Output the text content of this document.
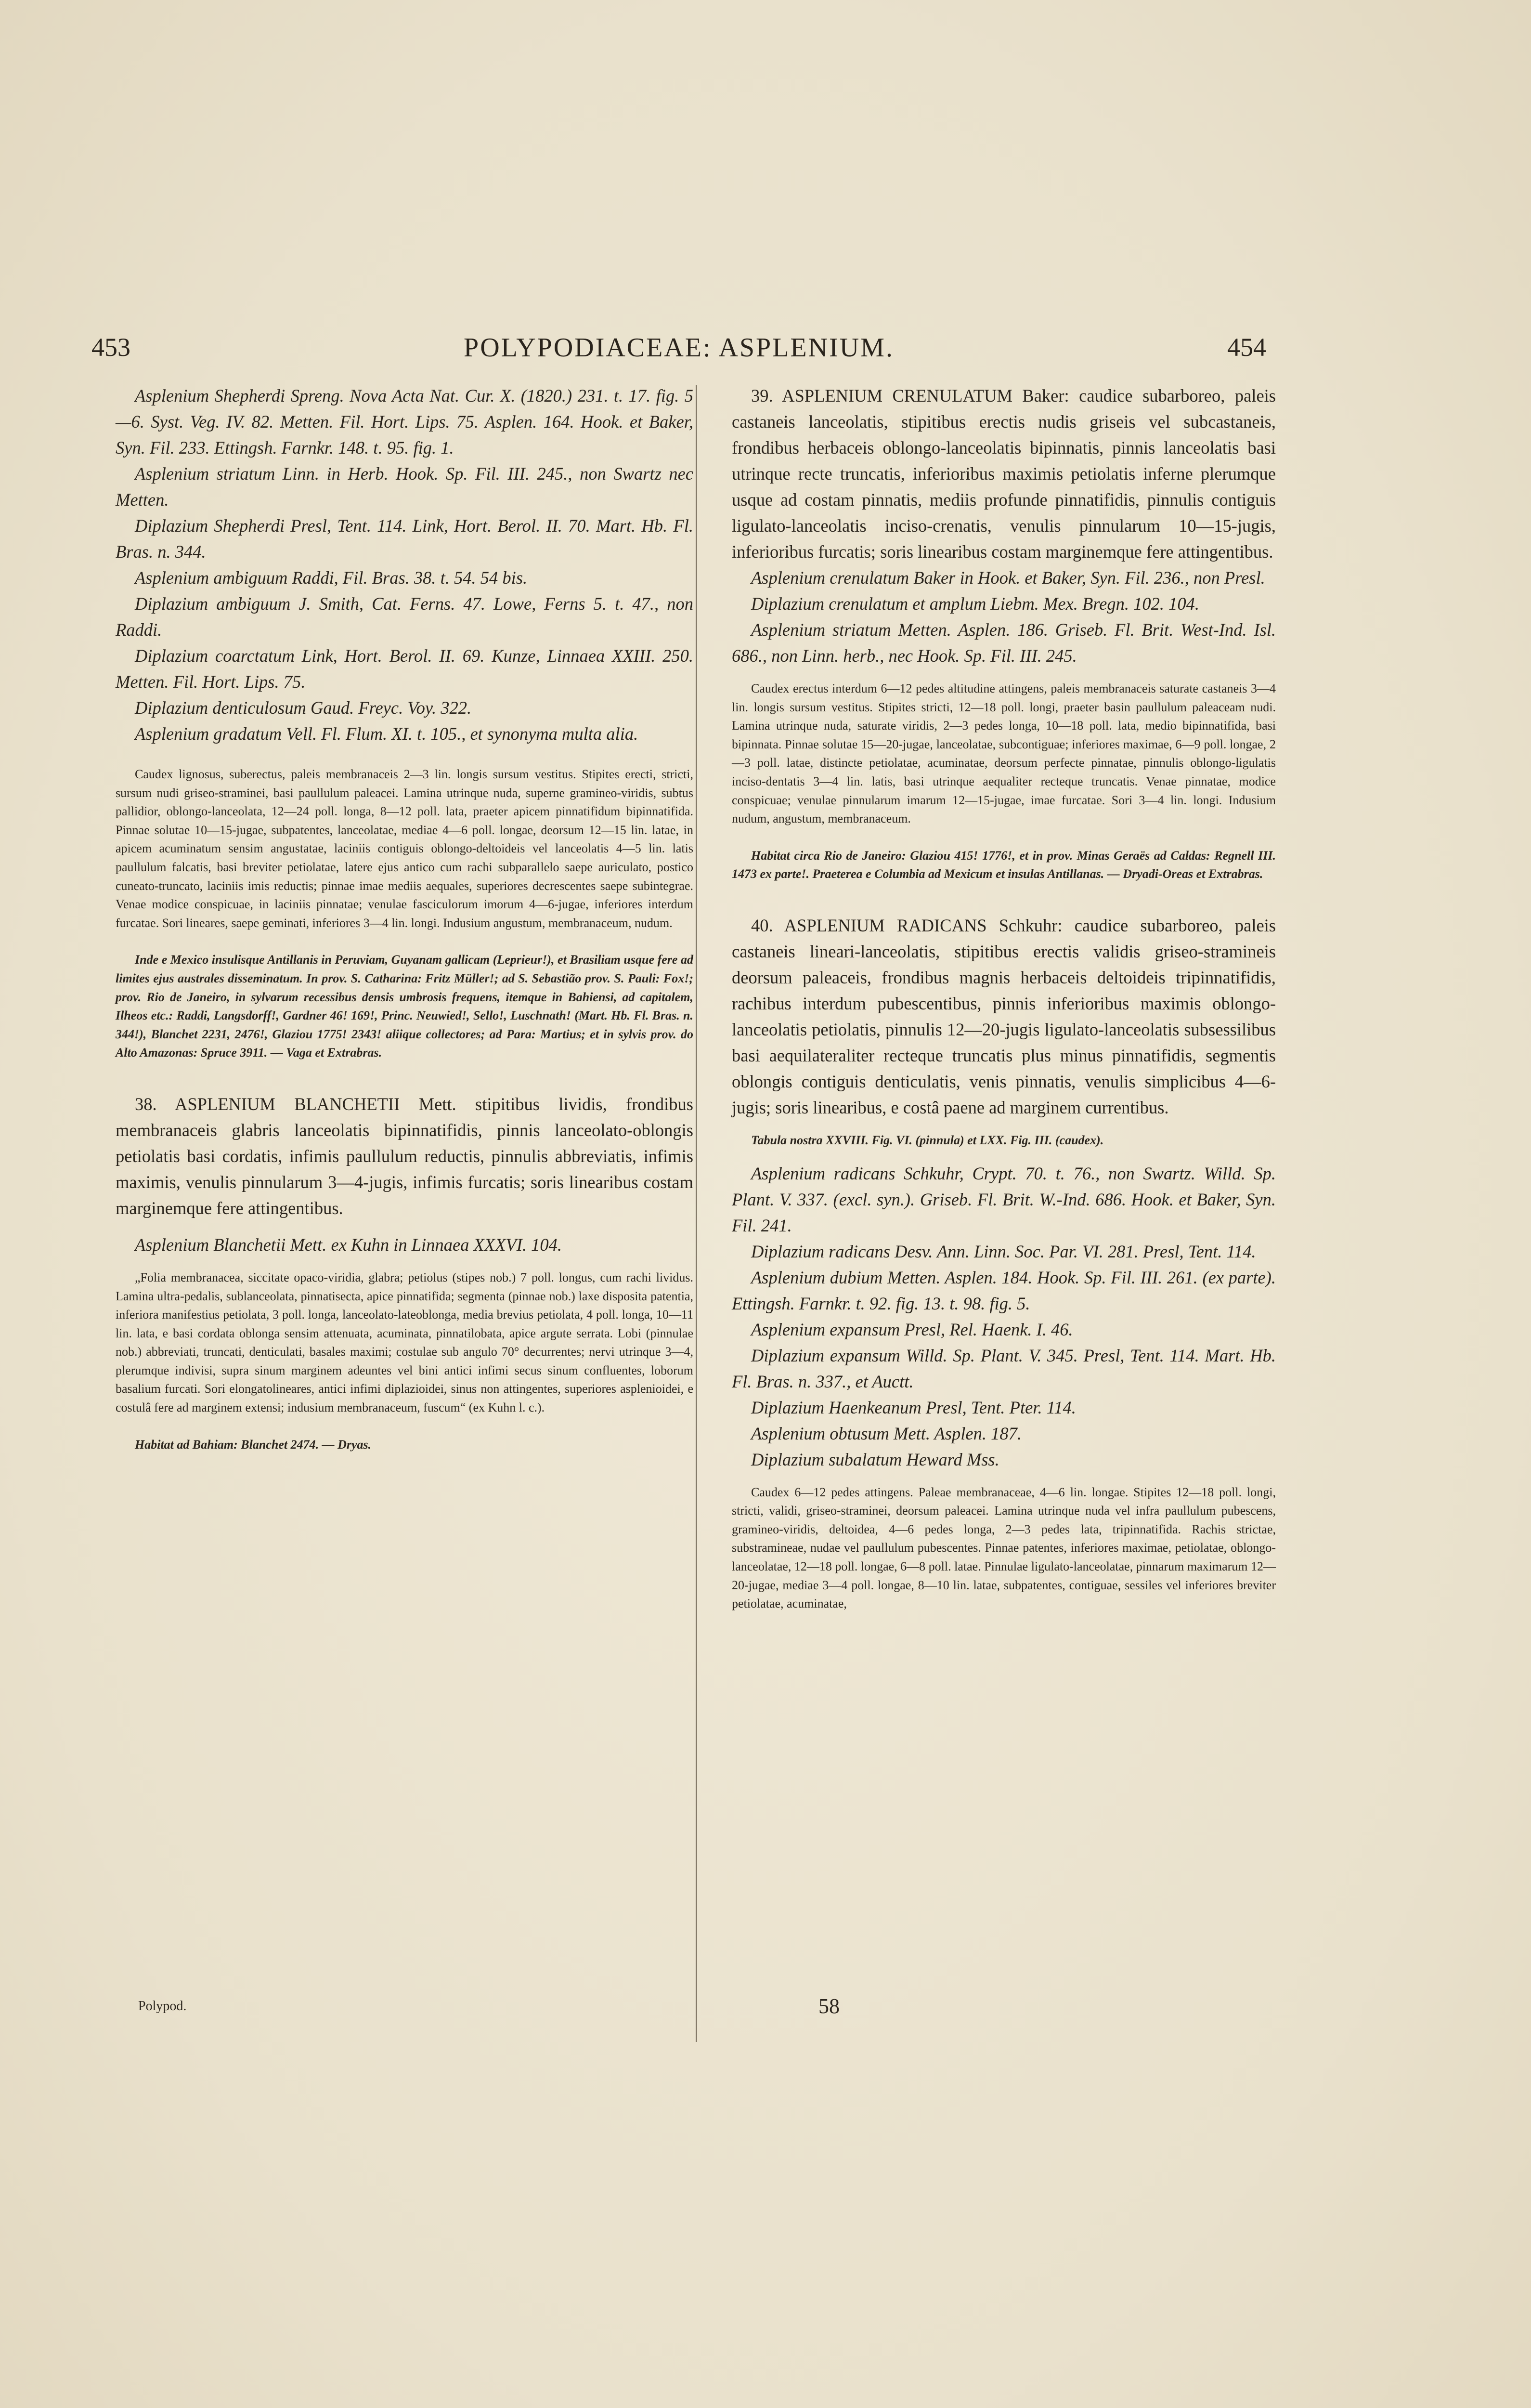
453	POLYPODIACEAE: ASPLENIUM.	454

Asplenium Shepherdi Spreng. Nova Acta Nat. Cur. X. (1820.) 231. t. 17. fig. 5—6. Syst. Veg. IV. 82. Metten. Fil. Hort. Lips. 75. Asplen. 164. Hook. et Baker, Syn. Fil. 233. Ettingsh. Farnkr. 148. t. 95. fig. 1.

Asplenium striatum Linn. in Herb. Hook. Sp. Fil. III. 245., non Swartz nec Metten.

Diplazium Shepherdi Presl, Tent. 114. Link, Hort. Berol. II. 70. Mart. Hb. Fl. Bras. n. 344.

Asplenium ambiguum Raddi, Fil. Bras. 38. t. 54. 54 bis.

Diplazium ambiguum J. Smith, Cat. Ferns. 47. Lowe, Ferns 5. t. 47., non Raddi.

Diplazium coarctatum Link, Hort. Berol. II. 69. Kunze, Linnaea XXIII. 250. Metten. Fil. Hort. Lips. 75.

Diplazium denticulosum Gaud. Freyc. Voy. 322.

Asplenium gradatum Vell. Fl. Flum. XI. t. 105., et synonyma multa alia.

Caudex lignosus, suberectus, paleis membranaceis 2—3 lin. longis sursum vestitus. Stipites erecti, stricti, sursum nudi griseo-straminei, basi paullulum paleacei. Lamina utrinque nuda, superne gramineo-viridis, subtus pallidior, oblongo-lanceolata, 12—24 poll. longa, 8—12 poll. lata, praeter apicem pinnatifidum bipinnatifida. Pinnae solutae 10—15-jugae, subpatentes, lanceolatae, mediae 4—6 poll. longae, deorsum 12—15 lin. latae, in apicem acuminatum sensim angustatae, laciniis contiguis oblongo-deltoideis vel lanceolatis 4—5 lin. latis paullulum falcatis, basi breviter petiolatae, latere ejus antico cum rachi subparallelo saepe auriculato, postico cuneato-truncato, laciniis imis reductis; pinnae imae mediis aequales, superiores decrescentes saepe subintegrae. Venae modice conspicuae, in laciniis pinnatae; venulae fasciculorum imorum 4—6-jugae, inferiores interdum furcatae. Sori lineares, saepe geminati, inferiores 3—4 lin. longi. Indusium angustum, membranaceum, nudum.

Inde e Mexico insulisque Antillanis in Peruviam, Guyanam gallicam (Leprieur!), et Brasiliam usque fere ad limites ejus australes disseminatum. In prov. S. Catharina: Fritz Müller!; ad S. Sebastião prov. S. Pauli: Fox!; prov. Rio de Janeiro, in sylvarum recessibus densis umbrosis frequens, itemque in Bahiensi, ad capitalem, Ilheos etc.: Raddi, Langsdorff!, Gardner 46! 169!, Princ. Neuwied!, Sello!, Luschnath! (Mart. Hb. Fl. Bras. n. 344!), Blanchet 2231, 2476!, Glaziou 1775! 2343! aliique collectores; ad Para: Martius; et in sylvis prov. do Alto Amazonas: Spruce 3911. — Vaga et Extrabras.

38. ASPLENIUM BLANCHETII Mett. stipitibus lividis, frondibus membranaceis glabris lanceolatis bipinnatifidis, pinnis lanceolato-oblongis petiolatis basi cordatis, infimis paullulum reductis, pinnulis abbreviatis, infimis maximis, venulis pinnularum 3—4-jugis, infimis furcatis; soris linearibus costam marginemque fere attingentibus.

Asplenium Blanchetii Mett. ex Kuhn in Linnaea XXXVI. 104.

„Folia membranacea, siccitate opaco-viridia, glabra; petiolus (stipes nob.) 7 poll. longus, cum rachi lividus. Lamina ultra-pedalis, sublanceolata, pinnatisecta, apice pinnatifida; segmenta (pinnae nob.) laxe disposita patentia, inferiora manifestius petiolata, 3 poll. longa, lanceolato-lateoblonga, media brevius petiolata, 4 poll. longa, 10—11 lin. lata, e basi cordata oblonga sensim attenuata, acuminata, pinnatilobata, apice argute serrata. Lobi (pinnulae nob.) abbreviati, truncati, denticulati, basales maximi; costulae sub angulo 70° decurrentes; nervi utrinque 3—4, plerumque indivisi, supra sinum marginem adeuntes vel bini antici infimi secus sinum confluentes, loborum basalium furcati. Sori elongatolineares, antici infimi diplazioidei, sinus non attingentes, superiores asplenioidei, e costulâ fere ad marginem extensi; indusium membranaceum, fuscum“ (ex Kuhn l. c.).

Habitat ad Bahiam: Blanchet 2474. — Dryas.

39. ASPLENIUM CRENULATUM Baker: caudice subarboreo, paleis castaneis lanceolatis, stipitibus erectis nudis griseis vel subcastaneis, frondibus herbaceis oblongo-lanceolatis bipinnatis, pinnis lanceolatis basi utrinque recte truncatis, inferioribus maximis petiolatis inferne plerumque usque ad costam pinnatis, mediis profunde pinnatifidis, pinnulis contiguis ligulato-lanceolatis inciso-crenatis, venulis pinnularum 10—15-jugis, inferioribus furcatis; soris linearibus costam marginemque fere attingentibus.

Asplenium crenulatum Baker in Hook. et Baker, Syn. Fil. 236., non Presl.

Diplazium crenulatum et amplum Liebm. Mex. Bregn. 102. 104.

Asplenium striatum Metten. Asplen. 186. Griseb. Fl. Brit. West-Ind. Isl. 686., non Linn. herb., nec Hook. Sp. Fil. III. 245.

Caudex erectus interdum 6—12 pedes altitudine attingens, paleis membranaceis saturate castaneis 3—4 lin. longis sursum vestitus. Stipites stricti, 12—18 poll. longi, praeter basin paullulum paleaceam nudi. Lamina utrinque nuda, saturate viridis, 2—3 pedes longa, 10—18 poll. lata, medio bipinnatifida, basi bipinnata. Pinnae solutae 15—20-jugae, lanceolatae, subcontiguae; inferiores maximae, 6—9 poll. longae, 2—3 poll. latae, distincte petiolatae, acuminatae, deorsum perfecte pinnatae, pinnulis oblongo-ligulatis inciso-dentatis 3—4 lin. latis, basi utrinque aequaliter recteque truncatis. Venae pinnatae, modice conspicuae; venulae pinnularum imarum 12—15-jugae, imae furcatae. Sori 3—4 lin. longi. Indusium nudum, angustum, membranaceum.

Habitat circa Rio de Janeiro: Glaziou 415! 1776!, et in prov. Minas Geraës ad Caldas: Regnell III. 1473 ex parte!. Praeterea e Columbia ad Mexicum et insulas Antillanas. — Dryadi-Oreas et Extrabras.

40. ASPLENIUM RADICANS Schkuhr: caudice subarboreo, paleis castaneis lineari-lanceolatis, stipitibus erectis validis griseo-stramineis deorsum paleaceis, frondibus magnis herbaceis deltoideis tripinnatifidis, rachibus interdum pubescentibus, pinnis inferioribus maximis oblongo-lanceolatis petiolatis, pinnulis 12—20-jugis ligulato-lanceolatis subsessilibus basi aequilateraliter recteque truncatis plus minus pinnatifidis, segmentis oblongis contiguis denticulatis, venis pinnatis, venulis simplicibus 4—6-jugis; soris linearibus, e costâ paene ad marginem currentibus.

Tabula nostra XXVIII. Fig. VI. (pinnula) et LXX. Fig. III. (caudex).

Asplenium radicans Schkuhr, Crypt. 70. t. 76., non Swartz. Willd. Sp. Plant. V. 337. (excl. syn.). Griseb. Fl. Brit. W.-Ind. 686. Hook. et Baker, Syn. Fil. 241.

Diplazium radicans Desv. Ann. Linn. Soc. Par. VI. 281. Presl, Tent. 114.

Asplenium dubium Metten. Asplen. 184. Hook. Sp. Fil. III. 261. (ex parte). Ettingsh. Farnkr. t. 92. fig. 13. t. 98. fig. 5.

Asplenium expansum Presl, Rel. Haenk. I. 46.

Diplazium expansum Willd. Sp. Plant. V. 345. Presl, Tent. 114. Mart. Hb. Fl. Bras. n. 337., et Auctt.

Diplazium Haenkeanum Presl, Tent. Pter. 114.

Asplenium obtusum Mett. Asplen. 187.

Diplazium subalatum Heward Mss.

Caudex 6—12 pedes attingens. Paleae membranaceae, 4—6 lin. longae. Stipites 12—18 poll. longi, stricti, validi, griseo-straminei, deorsum paleacei. Lamina utrinque nuda vel infra paullulum pubescens, gramineo-viridis, deltoidea, 4—6 pedes longa, 2—3 pedes lata, tripinnatifida. Rachis strictae, substramineae, nudae vel paullulum pubescentes. Pinnae patentes, inferiores maximae, petiolatae, oblongo-lanceolatae, 12—18 poll. longae, 6—8 poll. latae. Pinnulae ligulato-lanceolatae, pinnarum maximarum 12—20-jugae, mediae 3—4 poll. longae, 8—10 lin. latae, subpatentes, contiguae, sessiles vel inferiores breviter petiolatae, acuminatae,

Polypod.	58
